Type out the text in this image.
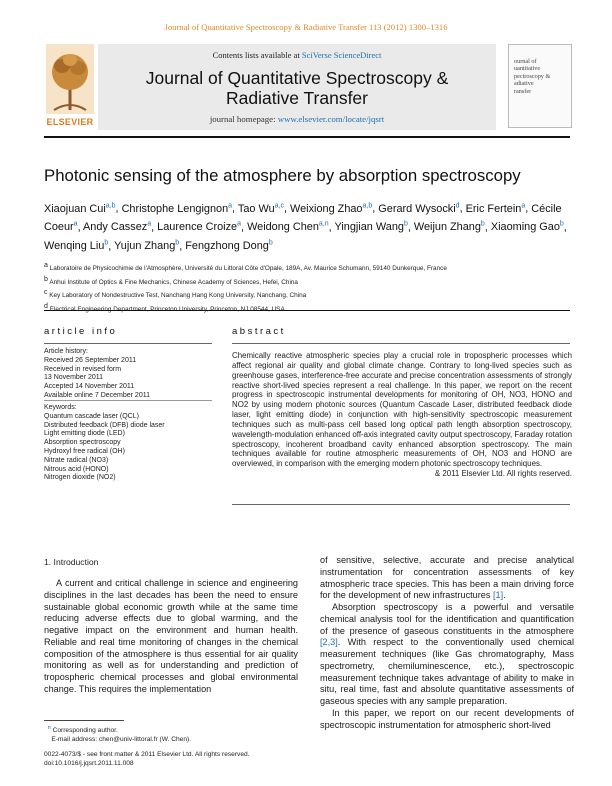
Journal of Quantitative Spectroscopy & Radiative Transfer 113 (2012) 1300–1316
Contents lists available at SciVerse ScienceDirect
Journal of Quantitative Spectroscopy &
Radiative Transfer
journal homepage: www.elsevier.com/locate/jqsrt
ELSEVIER
ournal of
uantitative
pectroscopy &
adiative
ransfer
Photonic sensing of the atmosphere by absorption spectroscopy
Xiaojuan Cui$^{a,b}$, Christophe Lengignon$^a$, Tao Wu$^{a,c}$, Weixiong Zhao$^{a,b}$, Gerard Wysocki$^d$, Eric Fertein$^a$, Cécile Coeur$^a$, Andy Cassez$^a$, Laurence Croize$^a$, Weidong Chen$^{a,n}$, Yingjian Wang$^b$, Weijun Zhang$^b$, Xiaoming Gao$^b$, Wenqing Liu$^b$, Yujun Zhang$^b$, Fengzhong Dong$^b$
$^a$ Laboratoire de Physicochimie de l'Atmosphère, Université du Littoral Côte d'Opale, 189A, Av. Maurice Schumann, 59140 Dunkerque, France
$^b$ Anhui Institute of Optics & Fine Mechanics, Chinese Academy of Sciences, Hefei, China
$^c$ Key Laboratory of Nondestructive Test, Nanchang Hang Kong University, Nanchang, China
$^d$
article info	abstract
Article history:
Received 26 September 2011
Received in revised form
13 November 2011
Accepted 14 November 2011
Available online 7 December 2011
Keywords:
Quantum cascade laser (QCL)
Distributed feedback (DFB) diode laser
Light emitting diode (LED)
Absorption spectroscopy
Hydroxyl free radical (OH)
Nitrate radical (NO3)
Nitrous acid (HONO)
Nitrogen dioxide (NO2)
Chemically reactive atmospheric species play a crucial role in tropospheric processes which affect regional air quality and global climate change. Contrary to long-lived species such as greenhouse gases, interference-free accurate and precise concentration assessments of strongly reactive short-lived species represent a real challenge. In this paper, we report on the recent progress in spectroscopic instrumental developments for monitoring of OH, NO3, HONO and NO2 by using modern photonic sources (Quantum Cascade Laser, distributed feedback diode laser, light emitting diode) in conjunction with high-sensitivity spectroscopic measurement techniques such as multi-pass cell based long optical path length absorption spectroscopy, wavelength-modulation enhanced off-axis integrated cavity output spectroscopy, Faraday rotation spectroscopy, incoherent broadband cavity enhanced absorption spectroscopy. The main techniques available for routine atmospheric measurements of OH, NO3 and HONO are overviewed, in comparison with the emerging modern photonic spectroscopy techniques.
& 2011 Elsevier Ltd. All rights reserved.
1. Introduction

A current and critical challenge in science and engineering disciplines in the last decades has been the need to ensure sustainable global economic growth while at the same time reducing adverse effects due to global warming, and the negative impact on the environment and human health. Reliable and real time monitoring of changes in the chemical composition of the atmosphere is thus essential for air quality monitoring as well as for understanding and prediction of tropospheric chemical processes and global environmental change. This requires the implementation

of sensitive, selective, accurate and precise analytical instrumentation for concentration assessments of key atmospheric trace species. This has been a main driving force for the development of new infrastructures [1].

Absorption spectroscopy is a powerful and versatile chemical analysis tool for the identification and quantification of the presence of gaseous constituents in the atmosphere [2,3]. With respect to the conventionally used chemical measurement techniques (like Gas chromatography, Mass spectrometry, chemiluminescence, etc.), spectroscopic measurement technique takes advantage of ability to make in situ, real time, fast and absolute quantitative assessments of gaseous species with any sample preparation.

In this paper, we report on our recent developments of spectroscopic instrumentation for atmospheric short-lived

$^n$ Corresponding author.
E-mail address: chen@univ-littoral.fr (W. Chen).
0022-4073/$ - see front matter & 2011 Elsevier Ltd. All rights reserved.
doi:10.1016/j.jqsrt.2011.11.008
